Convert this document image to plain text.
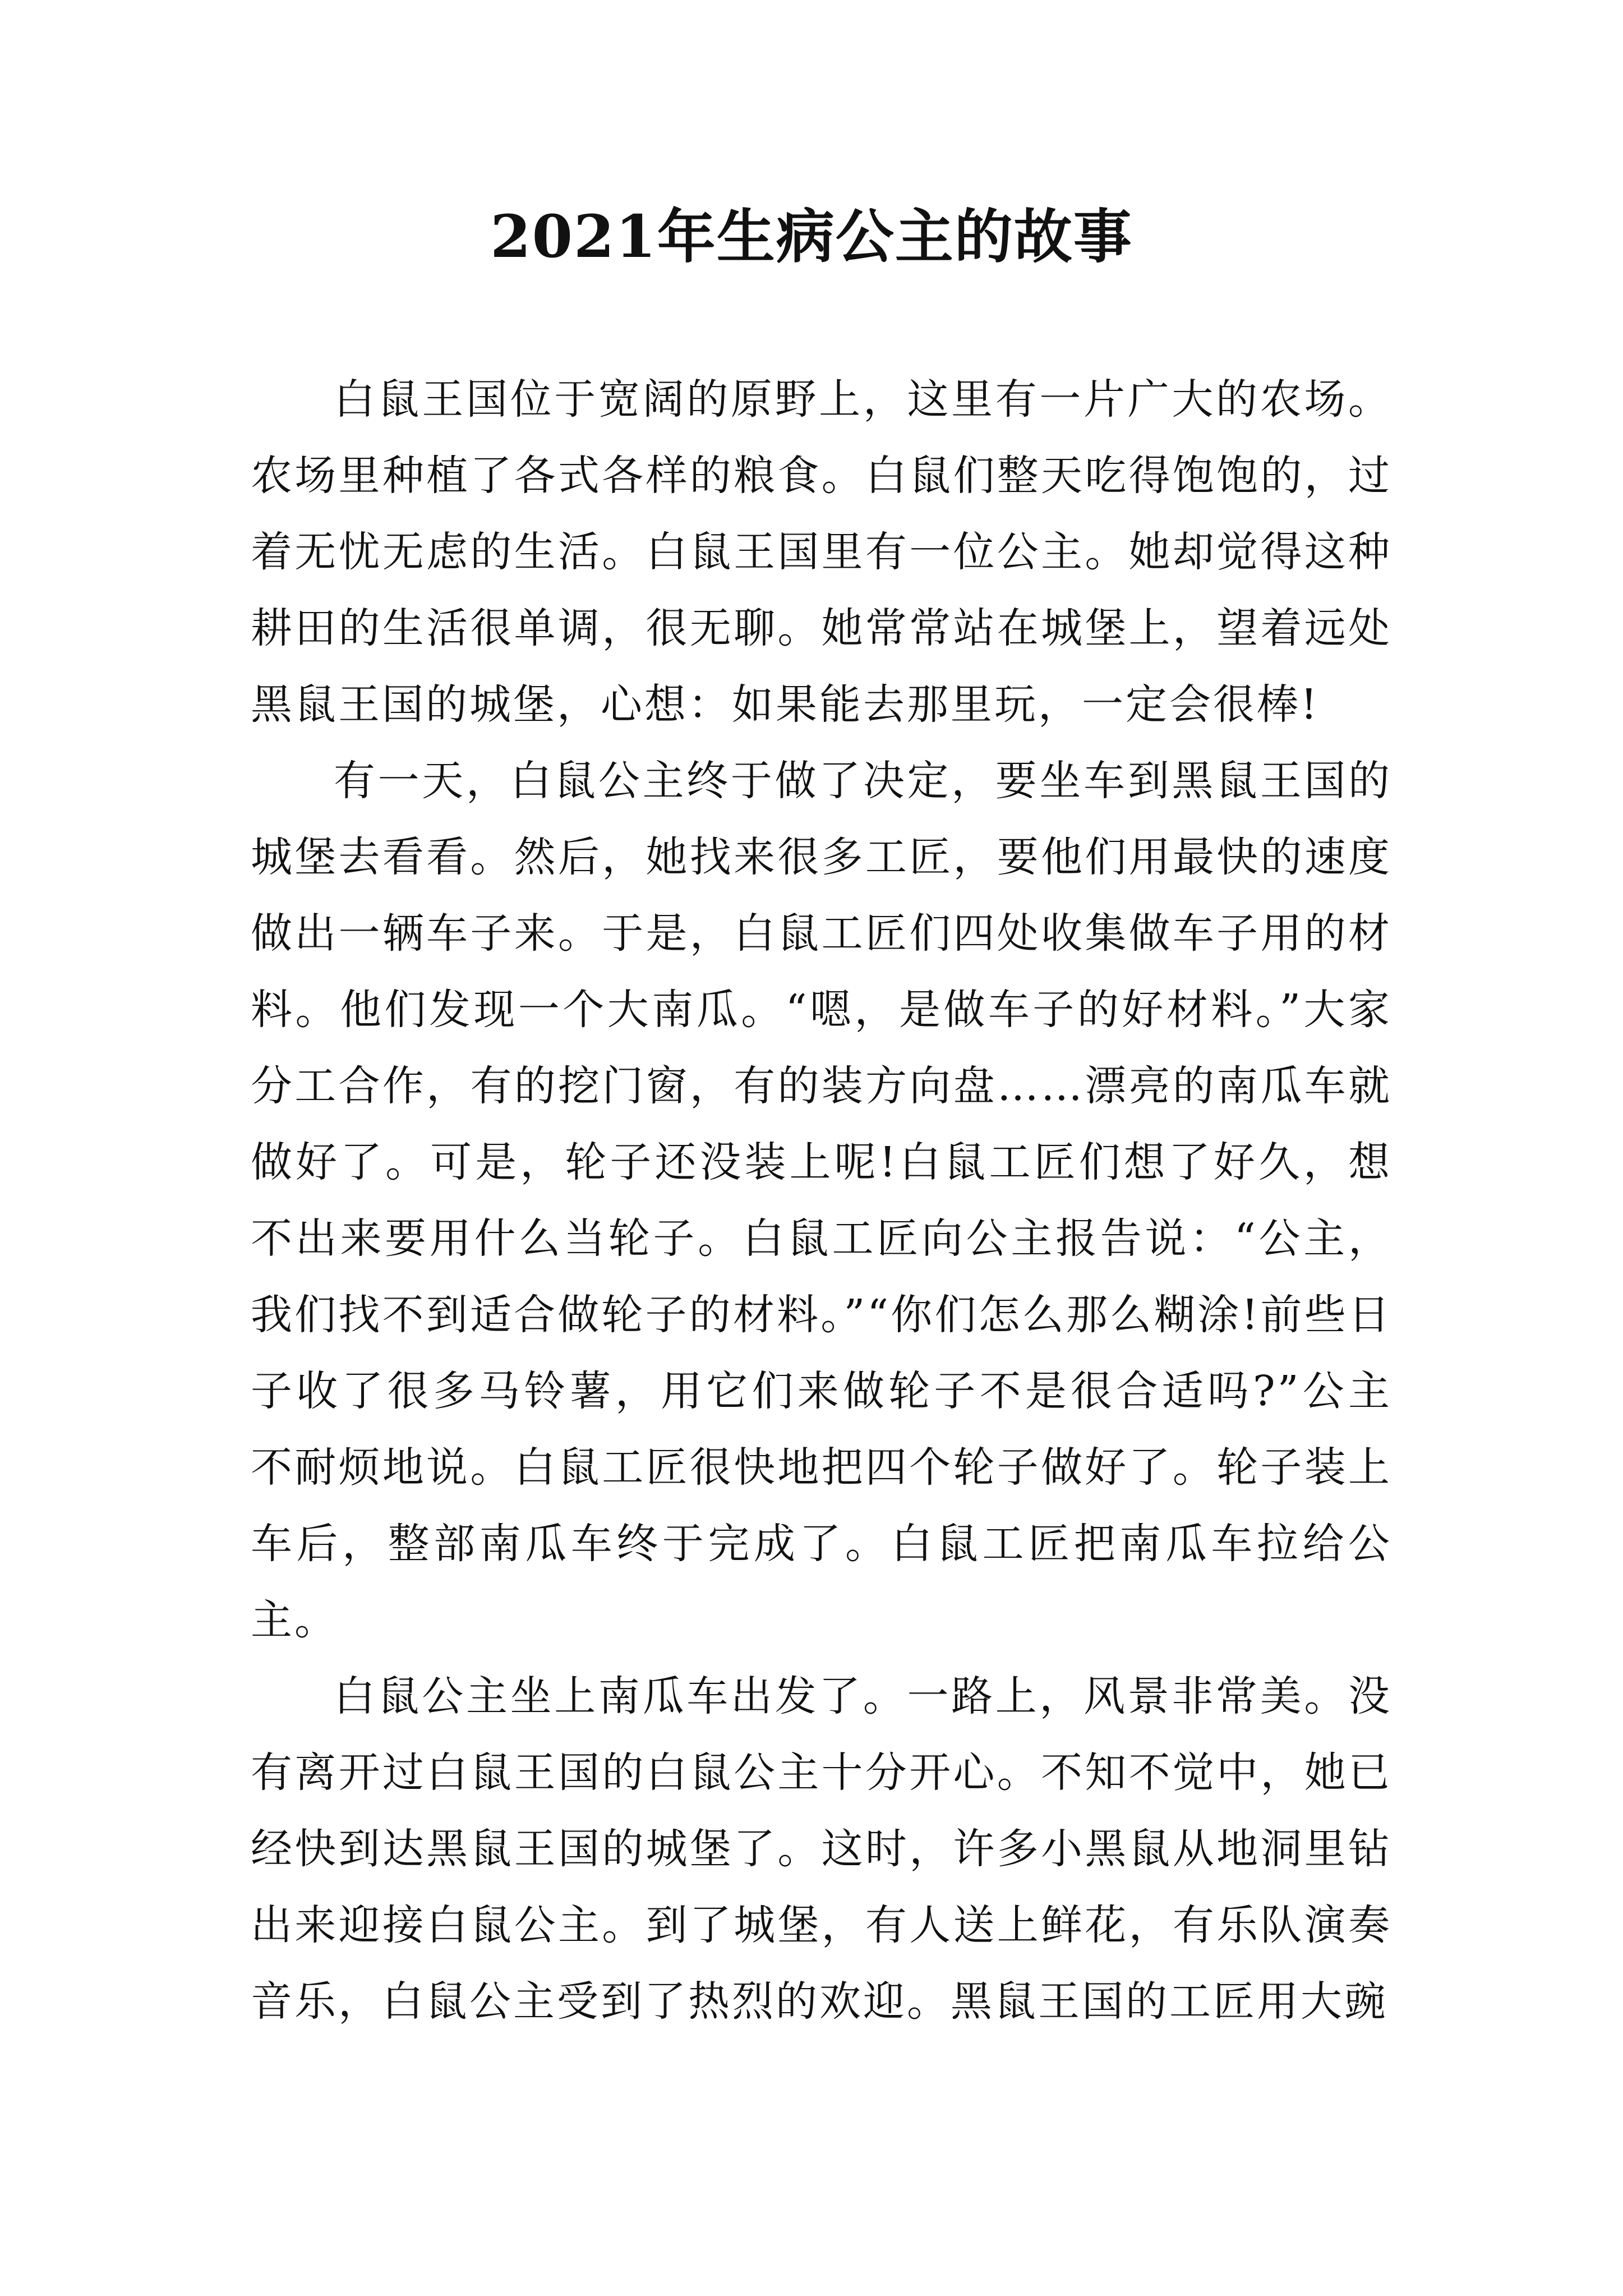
2021年生病公主的故事

白鼠王国位于宽阔的原野上，这里有一片广大的农场。农场里种植了各式各样的粮食。白鼠们整天吃得饱饱的，过着无忧无虑的生活。白鼠王国里有一位公主。她却觉得这种耕田的生活很单调，很无聊。她常常站在城堡上，望着远处黑鼠王国的城堡，心想：如果能去那里玩，一定会很棒!

有一天，白鼠公主终于做了决定，要坐车到黑鼠王国的城堡去看看。然后，她找来很多工匠，要他们用最快的速度做出一辆车子来。于是，白鼠工匠们四处收集做车子用的材料。他们发现一个大南瓜。“嗯，是做车子的好材料。”大家分工合作，有的挖门窗，有的装方向盘……漂亮的南瓜车就做好了。可是，轮子还没装上呢!白鼠工匠们想了好久，想不出来要用什么当轮子。白鼠工匠向公主报告说：“公主，我们找不到适合做轮子的材料。”“你们怎么那么糊涂!前些日子收了很多马铃薯，用它们来做轮子不是很合适吗?”公主不耐烦地说。白鼠工匠很快地把四个轮子做好了。轮子装上车后，整部南瓜车终于完成了。白鼠工匠把南瓜车拉给公主。

白鼠公主坐上南瓜车出发了。一路上，风景非常美。没有离开过白鼠王国的白鼠公主十分开心。不知不觉中，她已经快到达黑鼠王国的城堡了。这时，许多小黑鼠从地洞里钻出来迎接白鼠公主。到了城堡，有人送上鲜花，有乐队演奏音乐，白鼠公主受到了热烈的欢迎。黑鼠王国的工匠用大豌
